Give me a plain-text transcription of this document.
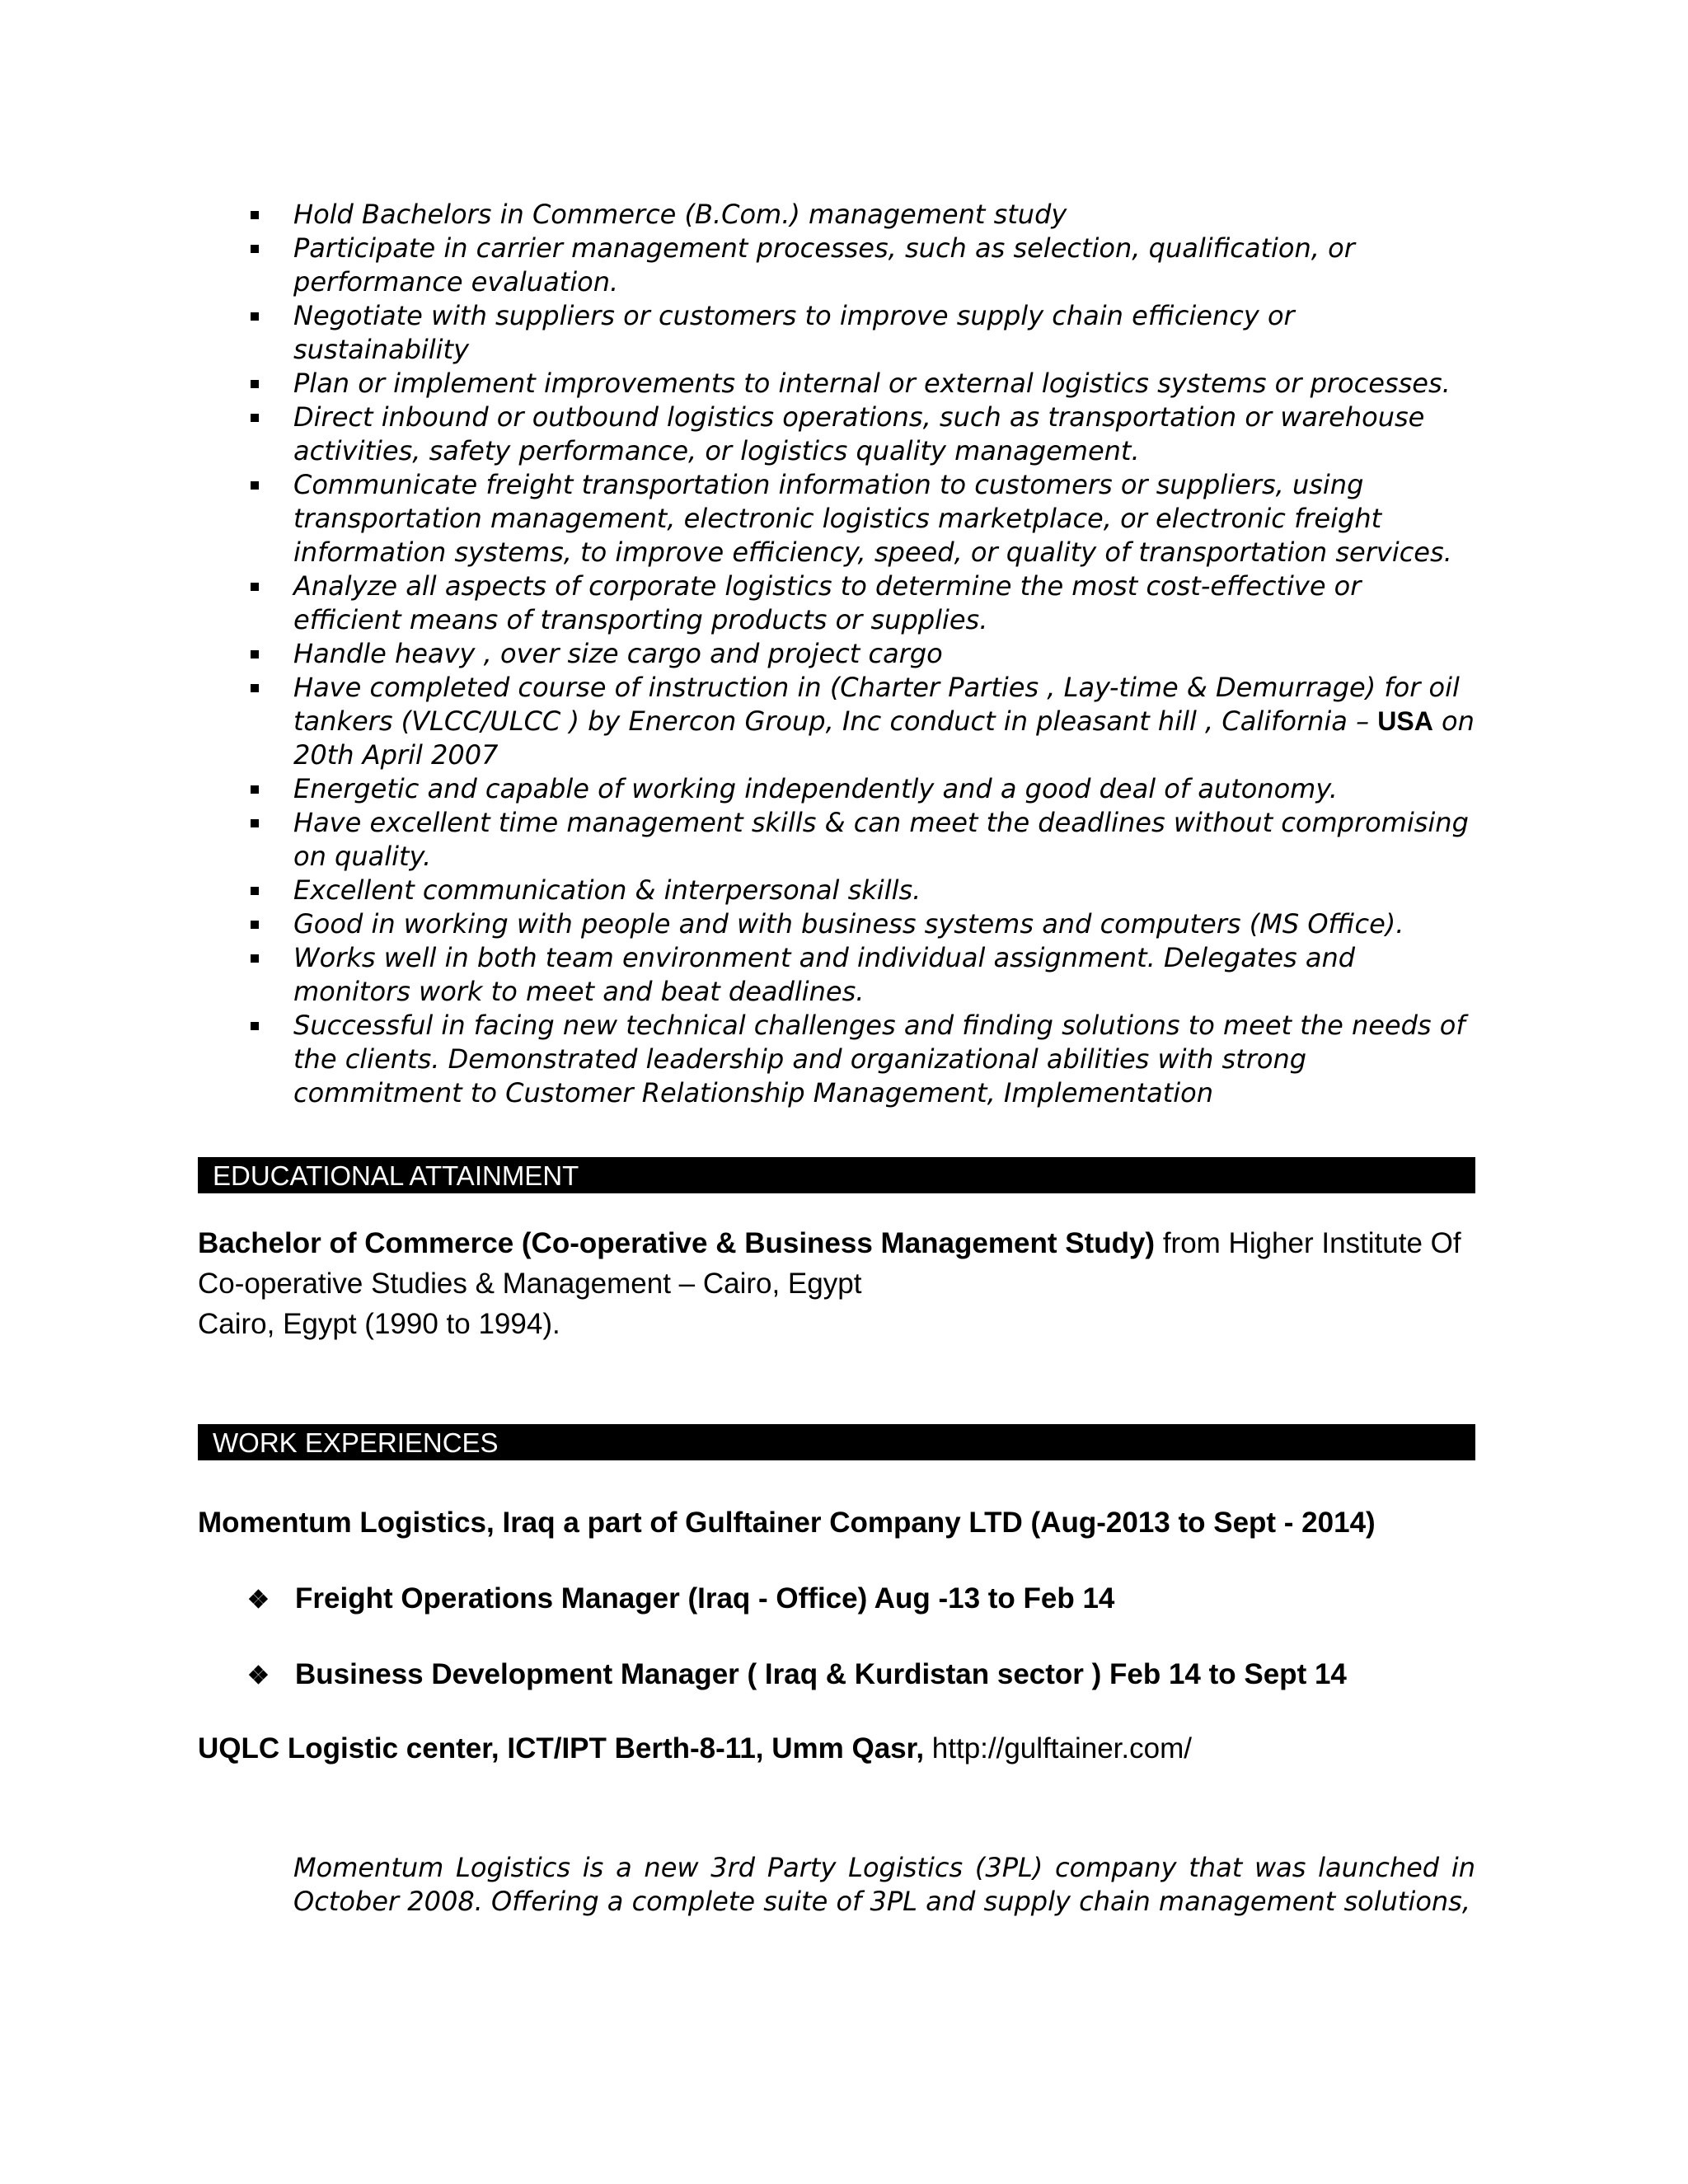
Hold Bachelors in Commerce (B.Com.) management study
Participate in carrier management processes, such as selection, qualification, or performance evaluation.
Negotiate with suppliers or customers to improve supply chain efficiency or sustainability
Plan or implement improvements to internal or external logistics systems or processes.
Direct inbound or outbound logistics operations, such as transportation or warehouse activities, safety performance, or logistics quality management.
Communicate freight transportation information to customers or suppliers, using transportation management, electronic logistics marketplace, or electronic freight information systems, to improve efficiency, speed, or quality of transportation services.
Analyze all aspects of corporate logistics to determine the most cost-effective or efficient means of transporting products or supplies.
Handle heavy , over size cargo and project cargo
Have completed course of instruction in (Charter Parties , Lay-time & Demurrage) for oil tankers (VLCC/ULCC ) by Enercon Group, Inc conduct in pleasant hill , California – USA on 20th April 2007
Energetic and capable of working independently and a good deal of autonomy.
Have excellent time management skills & can meet the deadlines without compromising on quality.
Excellent communication & interpersonal skills.
Good in working with people and with business systems and computers (MS Office).
Works well in both team environment and individual assignment. Delegates and monitors work to meet and beat deadlines.
Successful in facing new technical challenges and finding solutions to meet the needs of the clients. Demonstrated leadership and organizational abilities with strong commitment to Customer Relationship Management, Implementation
EDUCATIONAL ATTAINMENT
Bachelor of Commerce (Co-operative & Business Management Study) from Higher Institute Of Co-operative Studies & Management – Cairo, Egypt
Cairo, Egypt (1990 to 1994).
WORK EXPERIENCES
Momentum Logistics, Iraq a part of Gulftainer Company LTD (Aug-2013 to Sept - 2014)
❖ Freight Operations Manager (Iraq - Office) Aug -13 to Feb 14
❖ Business Development Manager ( Iraq & Kurdistan sector ) Feb 14 to Sept 14
UQLC Logistic center, ICT/IPT Berth-8-11, Umm Qasr, http://gulftainer.com/
Momentum Logistics is a new 3rd Party Logistics (3PL) company that was launched in October 2008. Offering a complete suite of 3PL and supply chain management solutions,
